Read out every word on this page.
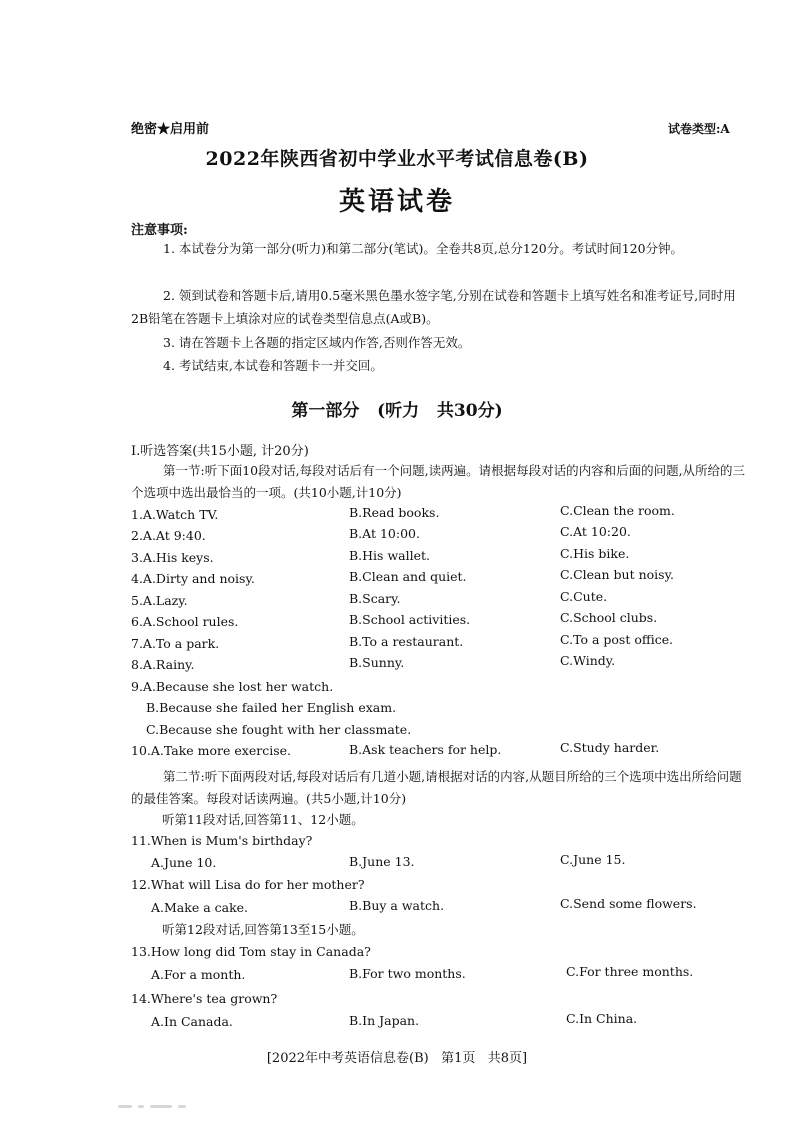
绝密★启用前	试卷类型:A
2022年陕西省初中学业水平考试信息卷(B)
英语试卷
注意事项:
1. 本试卷分为第一部分(听力)和第二部分(笔试)。全卷共8页,总分120分。考试时间120分钟。
2. 领到试卷和答题卡后,请用0.5毫米黑色墨水签字笔,分别在试卷和答题卡上填写姓名和准考证号,同时用2B铅笔在答题卡上填涂对应的试卷类型信息点(A或B)。
3. 请在答题卡上各题的指定区域内作答,否则作答无效。
4. 考试结束,本试卷和答题卡一并交回。
第一部分   (听力   共30分)
Ⅰ.听选答案(共15小题, 计20分)
第一节:听下面10段对话,每段对话后有一个问题,读两遍。请根据每段对话的内容和后面的问题,从所给的三个选项中选出最恰当的一项。(共10小题,计10分)
1.A.Watch TV.	B.Read books.	C.Clean the room.
2.A.At 9:40.	B.At 10:00.	C.At 10:20.
3.A.His keys.	B.His wallet.	C.His bike.
4.A.Dirty and noisy.	B.Clean and quiet.	C.Clean but noisy.
5.A.Lazy.	B.Scary.	C.Cute.
6.A.School rules.	B.School activities.	C.School clubs.
7.A.To a park.	B.To a restaurant.	C.To a post office.
8.A.Rainy.	B.Sunny.	C.Windy.
9.A.Because she lost her watch.
B.Because she failed her English exam.
C.Because she fought with her classmate.
10.A.Take more exercise.	B.Ask teachers for help.	C.Study harder.
第二节:听下面两段对话,每段对话后有几道小题,请根据对话的内容,从题目所给的三个选项中选出所给问题的最佳答案。每段对话读两遍。(共5小题,计10分)
听第11段对话,回答第11、12小题。
11.When is Mum's birthday?
A.June 10.	B.June 13.	C.June 15.
12.What will Lisa do for her mother?
A.Make a cake.	B.Buy a watch.	C.Send some flowers.
听第12段对话,回答第13至15小题。
13.How long did Tom stay in Canada?
A.For a month.	B.For two months.	C.For three months.
14.Where's tea grown?
A.In Canada.	B.In Japan.	C.In China.
[2022年中考英语信息卷(B)   第1页   共8页]
